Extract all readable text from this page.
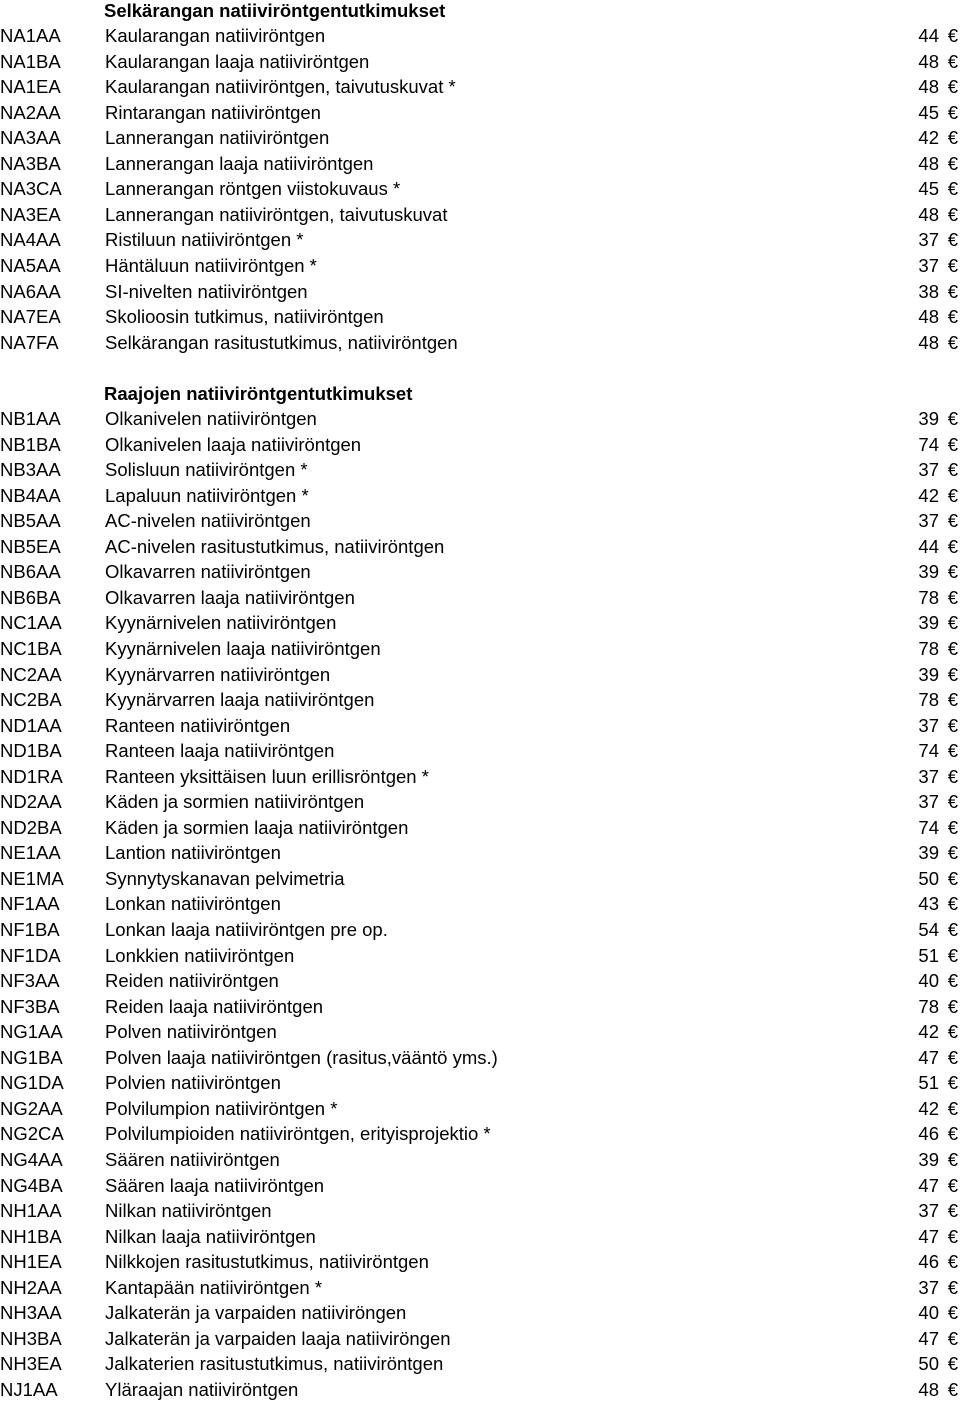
Selkärangan natiiviröntgentutkimukset
NA1AA Kaularangan natiiviröntgen	44 €
NA1BA Kaularangan laaja natiiviröntgen	48 €
NA1EA Kaularangan natiiviröntgen, taivutuskuvat *	48 €
NA2AA Rintarangan natiiviröntgen	45 €
NA3AA Lannerangan natiiviröntgen	42 €
NA3BA Lannerangan laaja natiiviröntgen	48 €
NA3CA Lannerangan röntgen viistokuvaus *	45 €
NA3EA Lannerangan natiiviröntgen, taivutuskuvat	48 €
NA4AA Ristiluun natiiviröntgen *	37 €
NA5AA Häntäluun natiiviröntgen *	37 €
NA6AA SI-nivelten natiiviröntgen	38 €
NA7EA Skolioosin tutkimus, natiiviröntgen	48 €
NA7FA	Selkärangan rasitustutkimus, natiiviröntgen	48 €
Raajojen natiiviröntgentutkimukset
NB1AA Olkanivelen natiiviröntgen	39 €
NB1BA Olkanivelen laaja natiiviröntgen	74 €
NB3AA Solisluun natiiviröntgen *	37 €
NB4AA Lapaluun natiiviröntgen *	42 €
NB5AA AC-nivelen natiiviröntgen	37 €
NB5EA AC-nivelen rasitustutkimus, natiiviröntgen	44 €
NB6AA Olkavarren natiiviröntgen	39 €
NB6BA Olkavarren laaja natiiviröntgen	78 €
NC1AA Kyynärnivelen natiiviröntgen	39 €
NC1BA Kyynärnivelen laaja natiiviröntgen	78 €
NC2AA Kyynärvarren natiiviröntgen	39 €
NC2BA Kyynärvarren laaja natiiviröntgen	78 €
ND1AA Ranteen natiiviröntgen	37 €
ND1BA Ranteen laaja natiiviröntgen	74 €
ND1RA Ranteen yksittäisen luun erillisröntgen *	37 €
ND2AA Käden ja sormien natiiviröntgen	37 €
ND2BA Käden ja sormien laaja natiiviröntgen	74 €
NE1AA Lantion natiiviröntgen	39 €
NE1MA Synnytyskanavan pelvimetria	50 €
NF1AA Lonkan natiiviröntgen	43 €
NF1BA Lonkan laaja natiiviröntgen pre op.	54 €
NF1DA Lonkkien natiiviröntgen	51 €
NF3AA Reiden natiiviröntgen	40 €
NF3BA Reiden laaja natiiviröntgen	78 €
NG1AA Polven natiiviröntgen	42 €
NG1BA Polven laaja natiiviröntgen (rasitus,vääntö yms.)	47 €
NG1DA Polvien natiiviröntgen	51 €
NG2AA Polvilumpion natiiviröntgen *	42 €
NG2CA Polvilumpioiden natiiviröntgen, erityisprojektio *	46 €
NG4AA Säären natiiviröntgen	39 €
NG4BA Säären laaja natiiviröntgen	47 €
NH1AA Nilkan natiiviröntgen	37 €
NH1BA Nilkan laaja natiiviröntgen	47 €
NH1EA Nilkkojen rasitustutkimus, natiiviröntgen	46 €
NH2AA Kantapään natiiviröntgen *	37 €
NH3AA Jalkaterän ja varpaiden natiiviröngen	40 €
NH3BA Jalkaterän ja varpaiden laaja natiiviröngen	47 €
NH3EA Jalkaterien rasitustutkimus, natiiviröntgen	50 €
NJ1AA	Yläraajan natiiviröntgen	48 €
